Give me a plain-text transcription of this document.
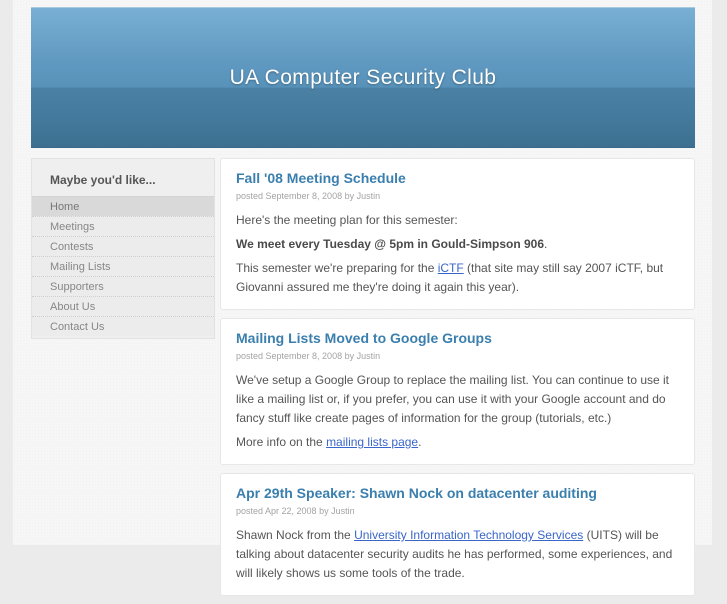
UA Computer Security Club
Maybe you'd like...
Home
Meetings
Contests
Mailing Lists
Supporters
About Us
Contact Us
Fall '08 Meeting Schedule
posted September 8, 2008 by Justin

Here's the meeting plan for this semester:

We meet every Tuesday @ 5pm in Gould-Simpson 906.

This semester we're preparing for the iCTF (that site may still say 2007 iCTF, but Giovanni assured me they're doing it again this year).

Mailing Lists Moved to Google Groups
posted September 8, 2008 by Justin

We've setup a Google Group to replace the mailing list. You can continue to use it like a mailing list or, if you prefer, you can use it with your Google account and do fancy stuff like create pages of information for the group (tutorials, etc.)

More info on the mailing lists page.

Apr 29th Speaker: Shawn Nock on datacenter auditing
posted Apr 22, 2008 by Justin

Shawn Nock from the University Information Technology Services (UITS) will be talking about datacenter security audits he has performed, some experiences, and will likely shows us some tools of the trade.
